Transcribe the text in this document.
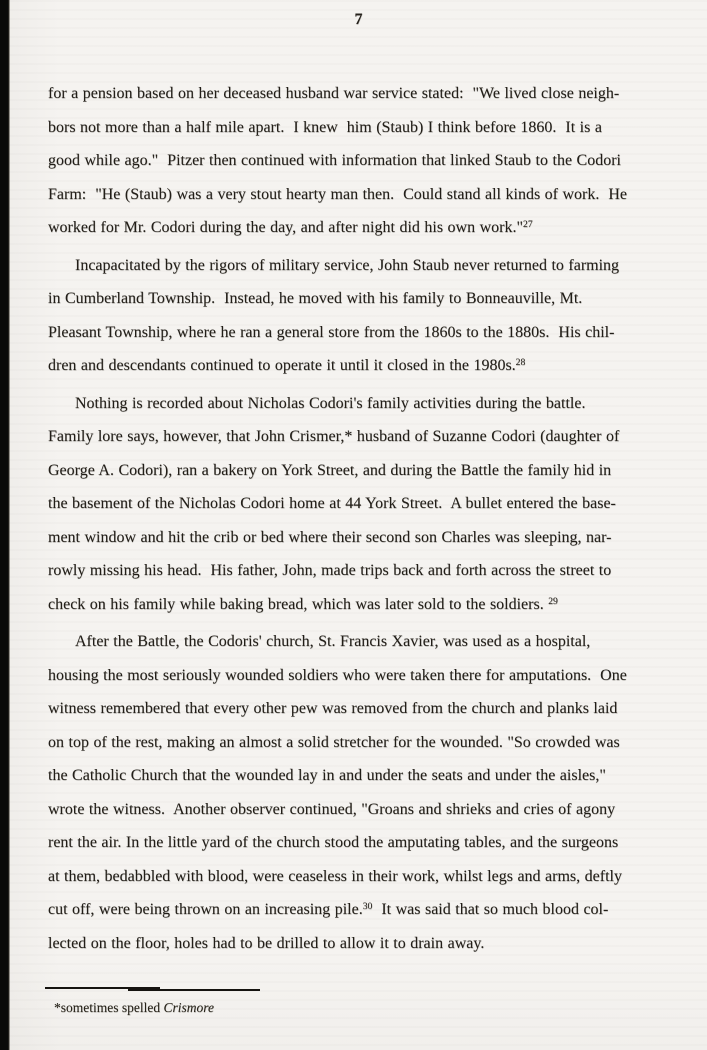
7
for a pension based on her deceased husband war service stated:  "We lived close neigh-
bors not more than a half mile apart.  I knew  him (Staub) I think before 1860.  It is a
good while ago."  Pitzer then continued with information that linked Staub to the Codori
Farm:  "He (Staub) was a very stout hearty man then.  Could stand all kinds of work.  He
worked for Mr. Codori during the day, and after night did his own work."$^{27}$
Incapacitated by the rigors of military service, John Staub never returned to farming
in Cumberland Township.  Instead, he moved with his family to Bonneauville, Mt.
Pleasant Township, where he ran a general store from the 1860s to the 1880s.  His chil-
dren and descendants continued to operate it until it closed in the 1980s.$^{28}$
Nothing is recorded about Nicholas Codori's family activities during the battle.
Family lore says, however, that John Crismer,* husband of Suzanne Codori (daughter of
George A. Codori), ran a bakery on York Street, and during the Battle the family hid in
the basement of the Nicholas Codori home at 44 York Street.  A bullet entered the base-
ment window and hit the crib or bed where their second son Charles was sleeping, nar-
rowly missing his head.  His father, John, made trips back and forth across the street to
check on his family while baking bread, which was later sold to the soldiers. $^{29}$
After the Battle, the Codoris' church, St. Francis Xavier, was used as a hospital,
housing the most seriously wounded soldiers who were taken there for amputations.  One
witness remembered that every other pew was removed from the church and planks laid
on top of the rest, making an almost a solid stretcher for the wounded. "So crowded was
the Catholic Church that the wounded lay in and under the seats and under the aisles,"
wrote the witness.  Another observer continued, "Groans and shrieks and cries of agony
rent the air. In the little yard of the church stood the amputating tables, and the surgeons
at them, bedabbled with blood, were ceaseless in their work, whilst legs and arms, deftly
cut off, were being thrown on an increasing pile.$^{30}$  It was said that so much blood col-
lected on the floor, holes had to be drilled to allow it to drain away.
*sometimes spelled Crismore
